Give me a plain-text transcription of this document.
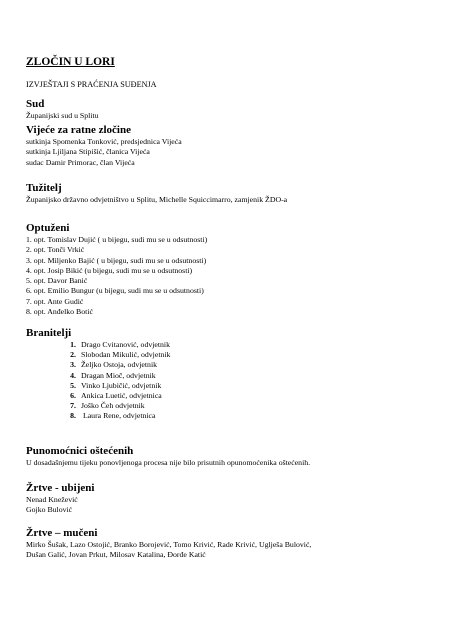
ZLOČIN U LORI
IZVJEŠTAJI S PRAĆENJA SUĐENJA
Sud
Županijski sud u Splitu
Vijeće za ratne zločine
sutkinja Spomenka Tonković, predsjednica Vijeća
sutkinja Ljiljana Stipišić, članica Vijeća
sudac Damir Primorac, član Vijeća
Tužitelj
Županijsko državno odvjetništvo u Splitu, Michelle Squiccimarro, zamjenik ŽDO-a
Optuženi
1. opt. Tomislav Dujić ( u bijegu, sudi mu se u odsutnosti)
2. opt. Tonči Vrkić
3. opt. Miljenko Bajić ( u bijegu, sudi mu se u odsutnosti)
4. opt. Josip Bikić (u bijegu, sudi mu se u odsutnosti)
5. opt. Davor Banić
6. opt. Emilio Bungur (u bijegu, sudi mu se u odsutnosti)
7. opt. Ante Gudić
8. opt. Anđelko Botić
Branitelji
1. Drago Cvitanović, odvjetnik
2. Slobodan Mikulić, odvjetnik
3. Željko Ostoja, odvjetnik
4. Dragan Mioč, odvjetnik
5. Vinko Ljubičić, odvjetnik
6. Ankica Luetić, odvjetnica
7. Joško Čeh odvjetnik
8. Laura Rene, odvjetnica
Punomoćnici oštećenih
U dosadašnjemu tijeku ponovljenoga procesa nije bilo prisutnih opunomoćenika oštećenih.
Žrtve - ubijeni
Nenad Knežević
Gojko Bulović
Žrtve – mučeni
Mirko Šušak, Lazo Ostojić, Branko Borojević, Tomo Krivić, Rade Krivić, Uglješa Bulović,
Dušan Galić, Jovan Prkut, Milosav Katalina, Đorđe Katić
